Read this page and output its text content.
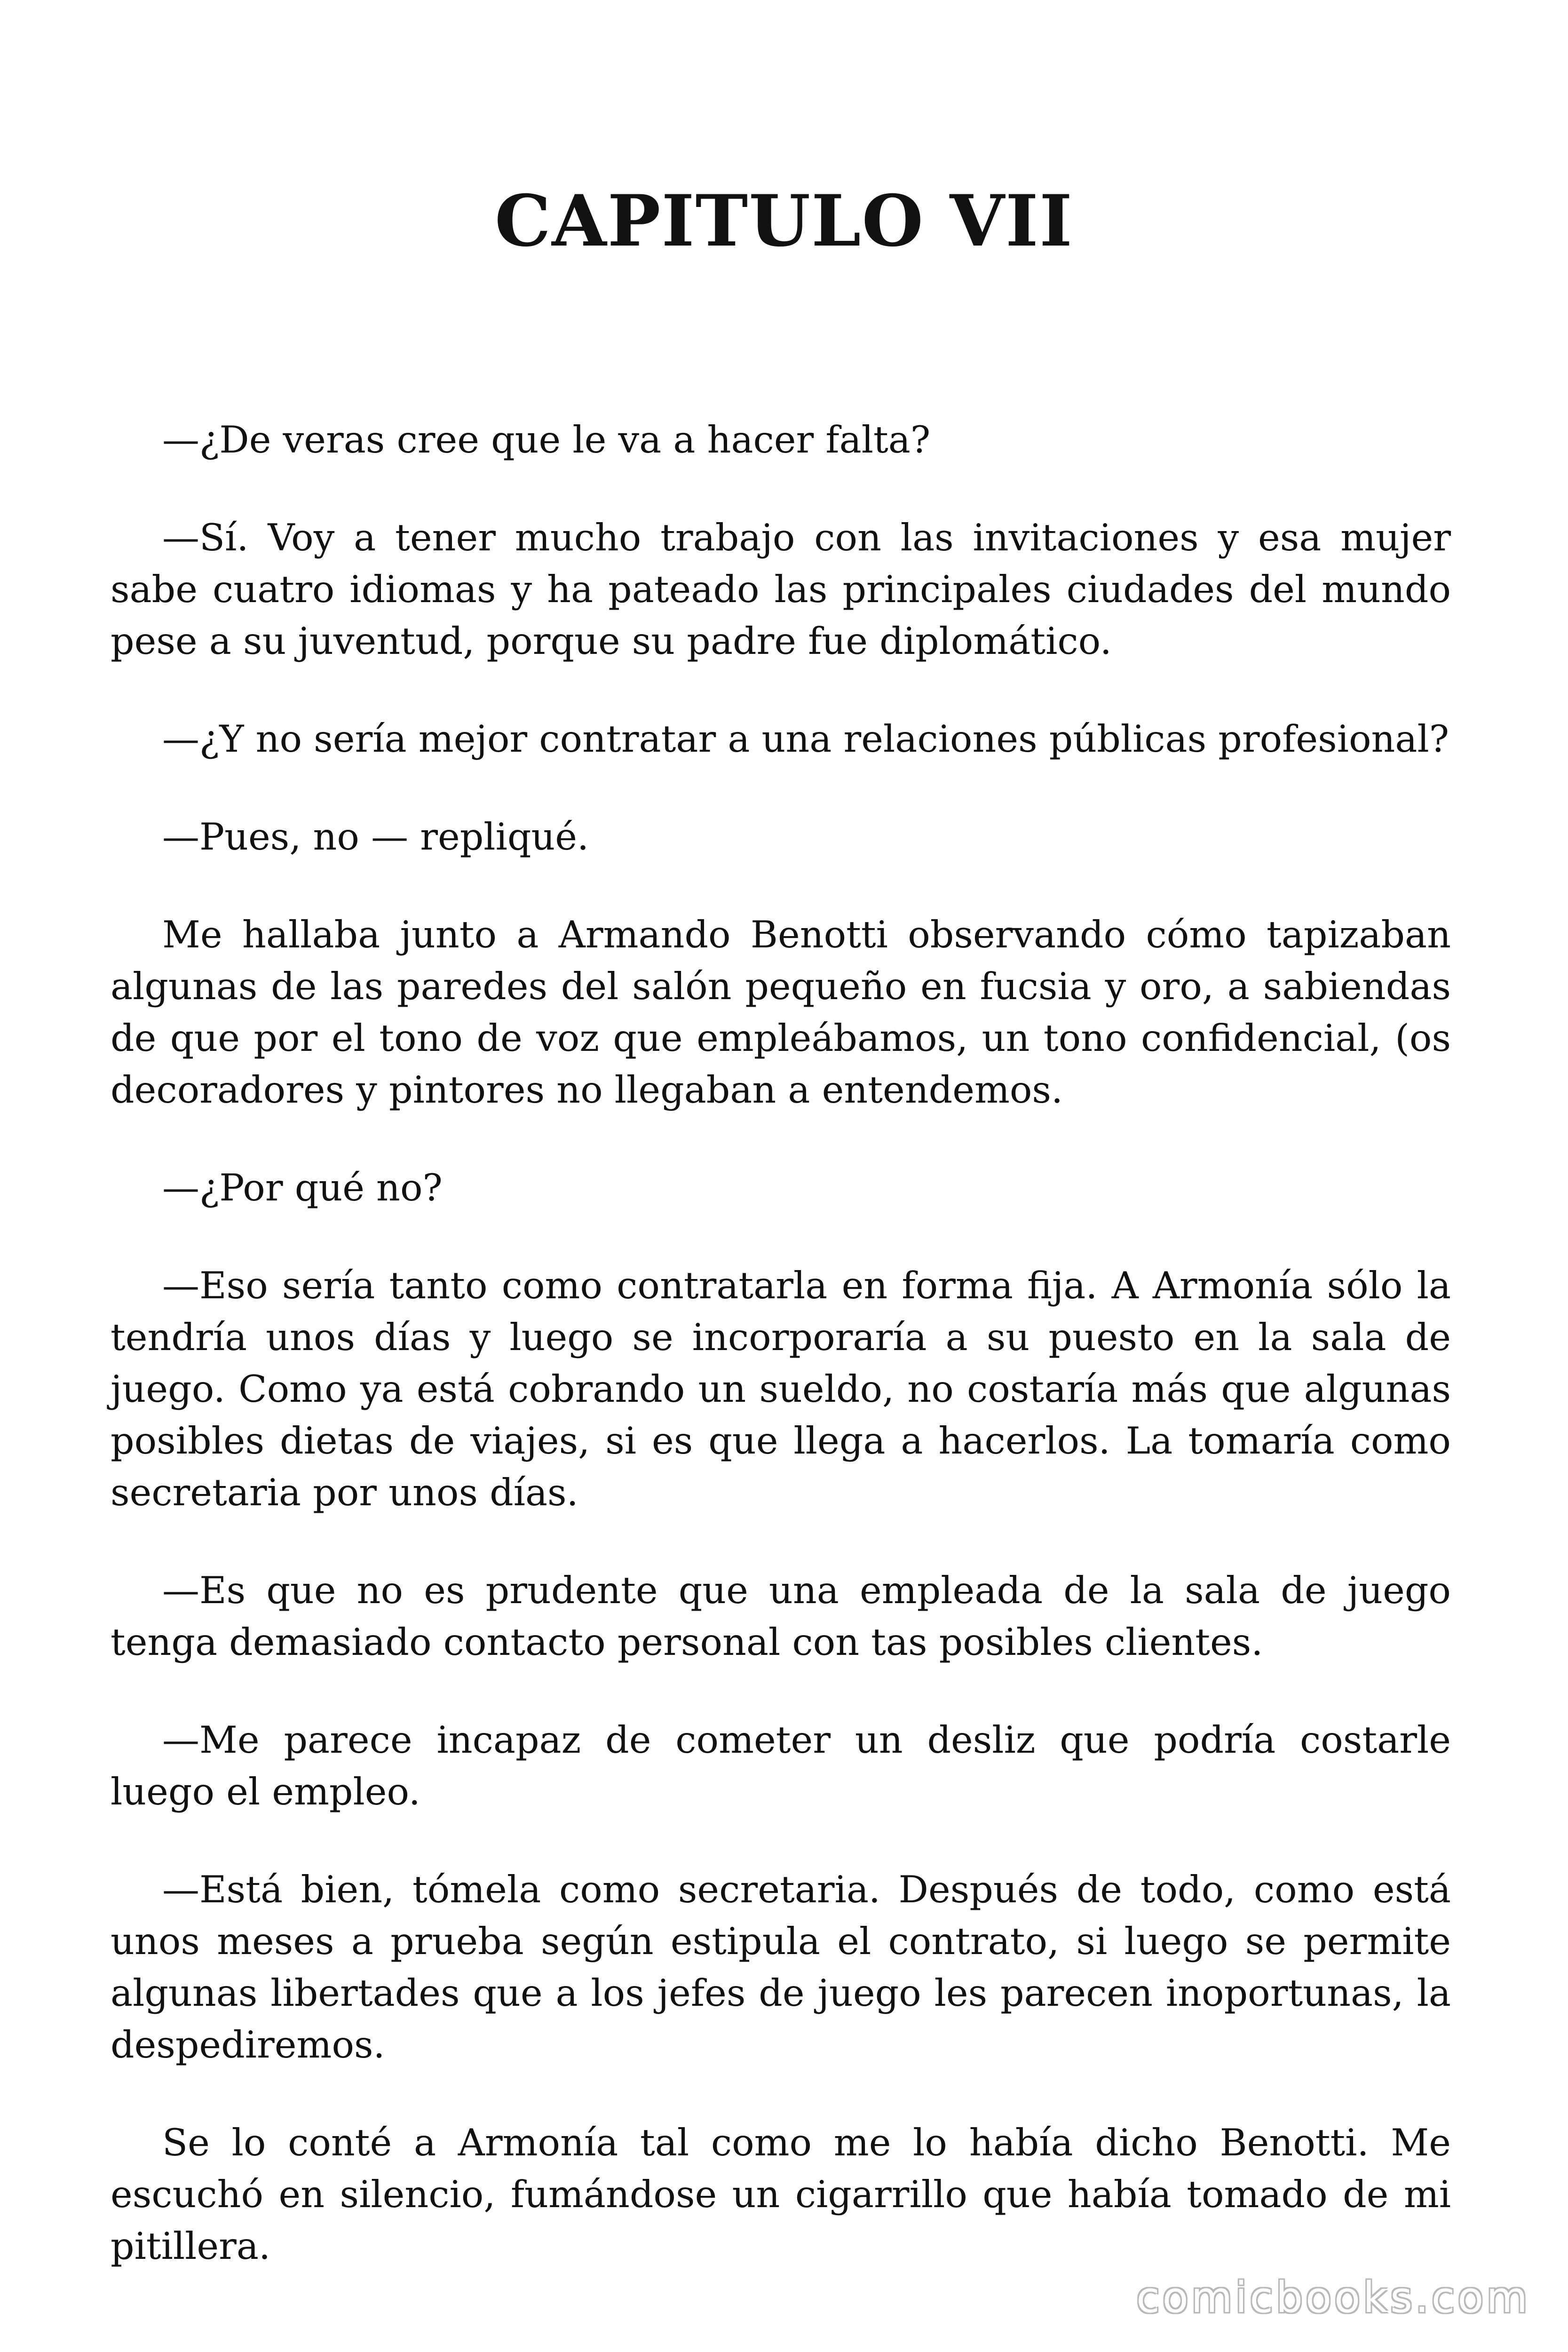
CAPITULO VII

—¿De veras cree que le va a hacer falta?

—Sí. Voy a tener mucho trabajo con las invitaciones y esa mujer sabe cuatro idiomas y ha pateado las principales ciudades del mundo pese a su juventud, porque su padre fue diplomático.

—¿Y no sería mejor contratar a una relaciones públicas profesional?

—Pues, no — repliqué.

Me hallaba junto a Armando Benotti observando cómo tapizaban algunas de las paredes del salón pequeño en fucsia y oro, a sabiendas de que por el tono de voz que empleábamos, un tono confidencial, (os decoradores y pintores no llegaban a entendemos.

—¿Por qué no?

—Eso sería tanto como contratarla en forma fija. A Armonía sólo la tendría unos días y luego se incorporaría a su puesto en la sala de juego. Como ya está cobrando un sueldo, no costaría más que algunas posibles dietas de viajes, si es que llega a hacerlos. La tomaría como secretaria por unos días.

—Es que no es prudente que una empleada de la sala de juego tenga demasiado contacto personal con tas posibles clientes.

—Me parece incapaz de cometer un desliz que podría costarle luego el empleo.

—Está bien, tómela como secretaria. Después de todo, como está unos meses a prueba según estipula el contrato, si luego se permite algunas libertades que a los jefes de juego les parecen inoportunas, la despediremos.

Se lo conté a Armonía tal como me lo había dicho Benotti. Me escuchó en silencio, fumándose un cigarrillo que había tomado de mi pitillera.

comicbooks.com
